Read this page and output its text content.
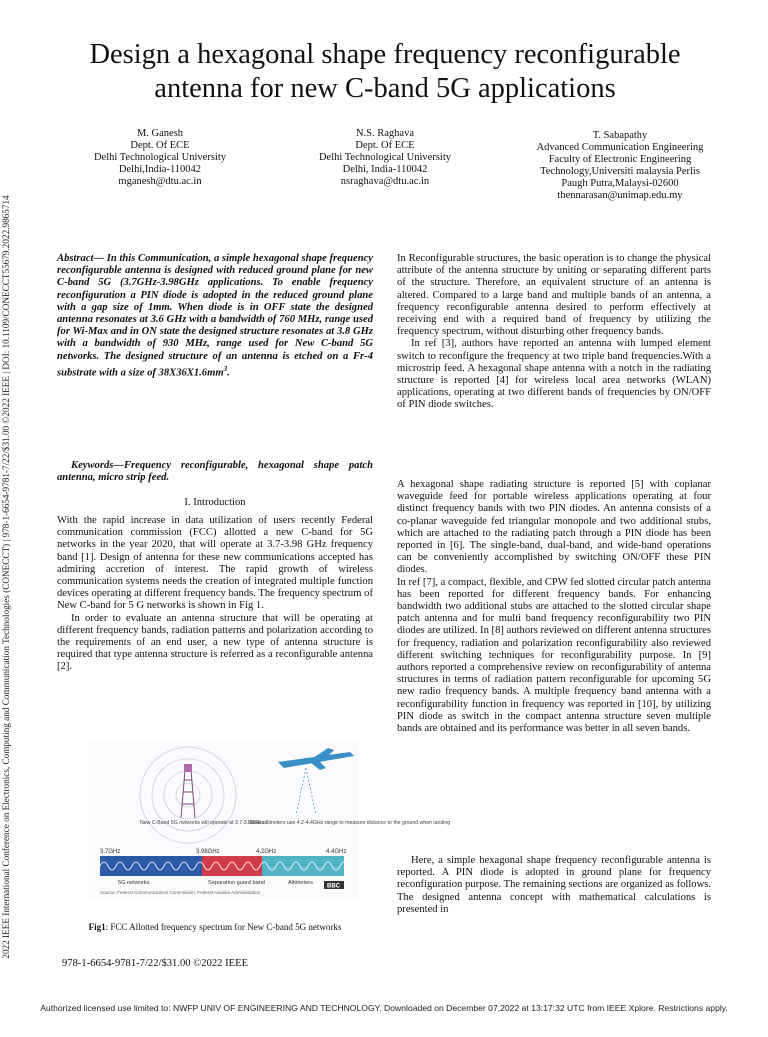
2022 IEEE International Conference on Electronics, Computing and Communication Technologies (CONECCT) | 978-1-6654-9781-7/22/$31.00 ©2022 IEEE | DOI: 10.1109/CONECCT55679.2022.9865714
Design a hexagonal shape frequency reconfigurable
antenna for new C-band 5G applications
M. Ganesh
Dept. Of ECE
Delhi Technological University
Delhi,India-110042
mganesh@dtu.ac.in
N.S. Raghava
Dept. Of ECE
Delhi Technological University
Delhi, India-110042
nsraghava@dtu.ac.in
T. Sabapathy
Advanced Communication Engineering
Faculty of Electronic Engineering
Technology,Universiti malaysia Perlis
Paugh Putra,Malaysi-02600
thennarasan@unimap.edu.my

Abstract— In this Communication, a simple hexagonal shape frequency reconfigurable antenna is designed with reduced ground plane for new C-band 5G (3.7GHz-3.98GHz applications. To enable frequency reconfiguration a PIN diode is adopted in the reduced ground plane with a gap size of 1mm. When diode is in OFF state the designed antenna resonates at 3.6 GHz with a bandwidth of 760 MHz, range used for Wi-Max and in ON state the designed structure resonates at 3.8 GHz with a bandwidth of 930 MHz, range used for New C-band 5G networks. The designed structure of an antenna is etched on a Fr-4 substrate with a size of $38X36X1.6mm^3$.

Keywords—Frequency reconfigurable, hexagonal shape patch antenna, micro strip feed.

I. Introduction

With the rapid increase in data utilization of users recently Federal communication commission (FCC) allotted a new C-band for 5G networks in the year 2020, that will operate at 3.7-3.98 GHz frequency band [1]. Design of antenna for these new communications accepted has admiring accretion of interest. The rapid growth of wireless communication systems needs the creation of integrated multiple function devices operating at different frequency bands. The frequency spectrum of New C-band for 5 G networks is shown in Fig 1.

In order to evaluate an antenna structure that will be operating at different frequency bands, radiation patterns and polarization according to the requirements of an end user, a new type of antenna structure is required that type antenna structure is referred as a reconfigurable antenna [2].

New C-Band 5G networks will operate at 3.7-3.98GHz
Radio altimeters use 4.2-4.4GHz range to measure distance to the ground when landing
3.7GHz	3.98GHz	4.2GHz	4.4GHz
5G networks	Separation guard band	Altimeters
Source: Federal Communications Commission, Federal Aviation Administration
BBC
Fig1: FCC Allotted frequency spectrum for New C-band 5G networks
978-1-6654-9781-7/22/$31.00 ©2022 IEEE

In Reconfigurable structures, the basic operation is to change the physical attribute of the antenna structure by uniting or separating different parts of the structure. Therefore, an equivalent structure of an antenna is altered. Compared to a large band and multiple bands of an antenna, a frequency reconfigurable antenna desired to perform effectively at receiving end with a required band of frequency by utilizing the frequency spectrum, without disturbing other frequency bands.

In ref [3], authors have reported an antenna with lumped element switch to reconfigure the frequency at two triple band frequencies.With a microstrip feed. A hexagonal shape antenna with a notch in the radiating structure is reported [4] for wireless local area networks (WLAN) applications, operating at two different bands of frequencies by ON/OFF of PIN diode switches.

A hexagonal shape radiating structure is reported [5] with coplanar waveguide feed for portable wireless applications operating at four distinct frequency bands with two PIN diodes. An antenna consists of a co-planar waveguide fed triangular monopole and two additional stubs, which are attached to the radiating patch through a PIN diode has been reported in [6]. The single-band, dual-band, and wide-band operations can be conveniently accomplished by switching ON/OFF these PIN diodes.

In ref [7], a compact, flexible, and CPW fed slotted circular patch antenna has been reported for different frequency bands. For enhancing bandwidth two additional stubs are attached to the slotted circular shape patch antenna and for multi band frequency reconfigurability two PIN diodes are utilized. In [8] authors reviewed on different antenna structures for frequency, radiation and polarization reconfigurability also reviewed different switching techniques for reconfigurability purpose. In [9] authors reported a comprehensive review on reconfigurability of antenna structures in terms of radiation pattern reconfigurable for upcoming 5G new radio frequency bands. A multiple frequency band antenna with a reconfigurability function in frequency was reported in [10], by utilizing PIN diode as switch in the compact antenna structure seven multiple bands are obtained and its performance was better in all seven bands.

Here, a simple hexagonal shape frequency reconfigurable antenna is reported. A PIN diode is adopted in ground plane for frequency reconfiguration purpose. The remaining sections are organized as follows. The designed antenna concept with mathematical calculations is presented in

Authorized licensed use limited to: NWFP UNIV OF ENGINEERING AND TECHNOLOGY. Downloaded on December 07,2022 at 13:17:32 UTC from IEEE Xplore. Restrictions apply.
